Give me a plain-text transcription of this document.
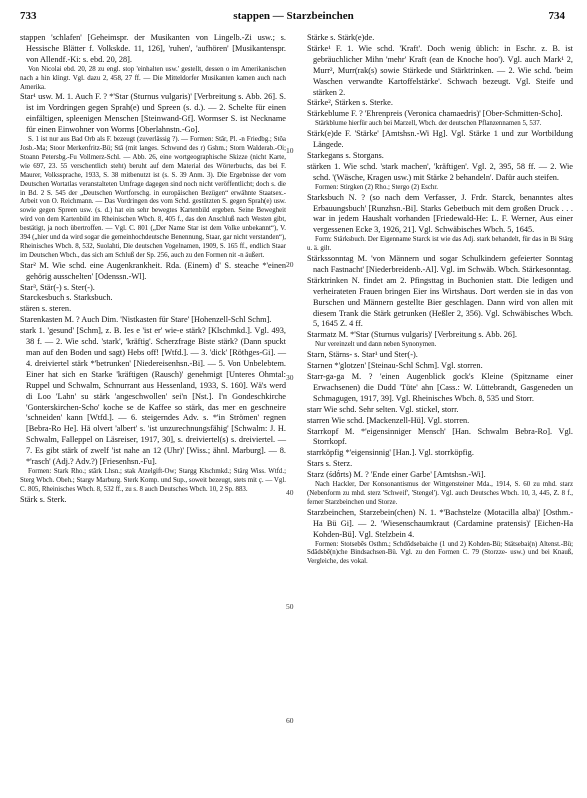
733	stappen — Starzbeinchen	734

stappen 'schlafen' [Geheimspr. der Musikanten von Lingelb.-Zi usw.; s. Hessische Blätter f. Volkskde. 11, 126], 'ruhen', 'aufhören' [Musikantenspr. von Allendf.-Ki: s. ebd. 20, 28].

Von Nicolai ebd. 20, 28 zu engl. stop 'einhalten usw.' gestellt, dessen o im Amerikanischen nach a hin klingt. Vgl. dazu 2, 458, 27 ff. — Die Mitteldorfer Musikanten kamen auch nach Amerika.

Star¹ usw. M. 1. Auch F. ? *'Star (Sturnus vulgaris)' [Verbreitung s. Abb. 26]. S. ist im Vordringen gegen Sprah(e) und Spreen (s. d.). — 2. Schelte für einen einfältigen, spleenigen Menschen [Steinwand-Gf]. Wormser S. ist Neckname für einen Einwohner von Worms [Oberlahnstn.-Go].

S. 1 ist nur aus Bad Orb als F. bezeugt (zuverlässig ?). — Formen: Stār, Pl. -n Friedbg.; Stŏa Josb.-Ma; Stoor Merkenfritz-Bü; Stā (mit langes. Schwund des r) Gshm.; Storn Walderab.-Oi; Stoann Petersbg.-Fu Vollmerz-Schl. — Abb. 26, eine wortgeographische Skizze (nicht Karte, wie 697, 23. 55 verschentlich steht) beruht auf dem Material des Wörterbuchs, das bei F. Maurer, Volkssprache, 1933, S. 38 mitbenutzt ist (s. S. 39 Anm. 3). Die Ergebnisse der vom Deutschen Wortatlas veranstalteten Umfrage dagegen sind noch nicht veröffentlicht; doch s. die in Bd. 2 S. 545 der „Deutschen Wortforschg. in europäischen Bezügen“ erwähnte Staatsex.-Arbeit von O. Reichmann. — Das Vordringen des vom Schd. gestützten S. gegen Sprah(e) usw. sowie gegen Spreen usw. (s. d.) hat ein sehr bewegtes Kartenbild ergeben. Seine Bewegheit wird von dem Kartenbild im Rheinischen Wbch. 8, 405 f., das den Anschluß nach Westen gibt, bestätigt, ja noch übertroffen. — Vgl. C. 801 („Der Name Star ist dem Volke unbekannt“), V. 394 („hier und da wird sogar die gemeinhochdeutsche Benennung, Staar, gar nicht verstanden“), Rheinisches Wbch. 8, 532, Suolahti, Die deutschen Vogelnamen, 1909, S. 165 ff., endlich Staar im Deutschen Wbch., das sich am Schluß der Sp. 256, auch zu den Formen nit -n äußert.

Star² M. Wie schd. eine Augenkrankheit. Rda. (Einem) d' S. steache *'einen gehörig ausschelten' [Odenssn.-Wl].

Star³, Stär(-) s. Ster(-).

Starckesbuch s. Starksbuch.

stären s. steren.

Starenkasten M. ? Auch Dim. 'Nistkasten für Stare' [Hohenzell-Schl Schm].

stark 1. 'gesund' [Schm], z. B. Ies e 'ist er' wie-e stärk? [Klschmkd.]. Vgl. 493, 38 f. — 2. Wie schd. 'stark', 'kräftig'. Scherzfrage Biste stärk? (Dann spuckt man auf den Boden und sagt) Hebs off! [Wtfd.]. — 3. 'dick' [Röthges-Gi]. — 4. dreiviertel stärk *'betrunken' [Niedereisenhsn.-Bi]. — 5. Von Unbelebtem. Einer hat sich en Starke 'kräftigen (Rausch)' genehmigt [Unteres Ohmtal: Ruppel und Schwalm, Schnurrant aus Hessenland, 1933, S. 160]. Wä's werd di Loo 'Lahn' su stärk 'angeschwollen' sei'n [Nst.]. I'n Gondeschkirche 'Gonterskirchen-Scho' koche se de Kaffee so stärk, das mer en geschneire 'schneiden' kann [Wtfd.]. — 6. steigerndes Adv. s. *'in Strömen' regnen [Bebra-Ro He]. Hä olvert 'albert' s. 'ist unzurechnungsfähig' [Schwalm: J. H. Schwalm, Falleppel on Läsreiser, 1917, 30], s. dreiviertel(s) s. dreiviertel. — 7. Es gibt stärk of zwelf 'ist nahe an 12 (Uhr)' [Wiss.; ähnl. Marburg]. — 8. *'rasch' (Adj.? Adv.?) [Friesenhsn.-Fu].

Formen: Stark Rho.; stārk Lhsn.; stak Atzelgift-Ow; Stargg Klschmkd.; Stärg Wiss. Wtfd.; Sterg Wbch. Obeh.; Stargv Marburg. Sterk Komp. und Sup., soweit bezeugt, stets mit ç. — Vgl. C. 805, Rheinisches Wbch. 8, 532 ff., zu s. 8 auch Deutsches Wbch. 10, 2 Sp. 883.

Stärk s. Sterk.

Stärke s. Stärk(e)de.

Stärke¹ F. 1. Wie schd. 'Kraft'. Doch wenig üblich: in Eschr. z. B. ist gebräuchlicher Mihn 'mehr' Kraft (ean de Knoche hoo'). Vgl. auch Mark¹ 2, Murr², Murr(rak(s) sowie Stärkede und Stärktrinken. — 2. Wie schd. 'beim Waschen verwandte Kartoffelstärke'. Schwach bezeugt. Vgl. Steife und stärken 2.

Stärke², Stärken s. Sterke.

Stärkeblume F. ? 'Ehrenpreis (Veronica chamaedris)' [Ober-Schmitten-Scho].

Stärkblume hierfür auch bei Marzell, Wbch. der deutschen Pflanzennamen 5, 537.

Stärk(e)de F. 'Stärke' [Amtshsn.-Wi Hg]. Vgl. Stärke 1 und zur Wortbildung Längede.

Starkegans s. Storgans.

stärken 1. Wie schd. 'stark machen', 'kräftigen'. Vgl. 2, 395, 58 ff. — 2. Wie schd. '(Wäsche, Kragen usw.) mit Stärke 2 behandeln'. Dafür auch steifen.

Formen: Stirgken (2) Rho.; Stergo (2) Eschr.

Starksbuch N. ? (so nach dem Verfasser, J. Frdr. Starck, benanntes altes Erbauungsbuch' [Runzhsn.-Bi]. Starks Gebetbuch mit dem großen Druck . . . war in jedem Haushalt vorhanden [Friedewald-He: L. F. Werner, Aus einer vergessenen Ecke 3, 1926, 21]. Vgl. Schwäbisches Wbch. 5, 1645.

Form: Stärksbuch. Der Eigenname Starck ist wie das Adj. stark behandelt, für das in Bi Stärg u. ä. gilt.

Stärkssonntag M. 'von Männern und sogar Schulkindern gefeierter Sonntag nach Fastnacht' [Niederbreidenb.-Al]. Vgl. im Schwäb. Wbch. Stärkesonntag.

Stärktrinken N. findet am 2. Pfingsttag in Buchonien statt. Die ledigen und verheirateten Frauen bringen Eier ins Wirtshaus. Dort werden sie in das von Burschen und Männern gestellte Bier geschlagen. Dann wird von allen mit diesem Trank die Stärk getrunken (Heßler 2, 356). Vgl. Schwäbisches Wbch. 5, 1645 Z. 4 ff.

Starmatz M. *'Star (Sturnus vulgaris)' [Verbreitung s. Abb. 26].

Nur vereinzelt und dann neben Synonymen.

Starn, Stärns- s. Star¹ und Ster(-).

Starnen *'glotzen' [Steinau-Schl Schm]. Vgl. storren.

Starr-ga-ga M. ? 'einen Augenblick gock's Kleine (Spitzname einer Erwachsenen) die Dudd 'Tüte' ahn [Cass.: W. Lüttebrandt, Gasgeneden un Schmagugen, 1917, 39]. Vgl. Rheinisches Wbch. 8, 535 und Storr.

starr Wie schd. Sehr selten. Vgl. stickel, storr.

starren Wie schd. [Mackenzell-Hü]. Vgl. storren.

Starrkopf M. *'eigensinniger Mensch' [Han. Schwalm Bebra-Ro]. Vgl. Storrkopf.

starrköpfig *'eigensinnig' [Han.]. Vgl. storrköpfig.

Stars s. Sterz.

Starz (śdṓrts) M. ? 'Ende einer Garbe' [Amtshsn.-Wi].

Nach Hackler, Der Konsonantismus der Wittgensteiner Mda., 1914, S. 60 zu mhd. starz (Nebenform zu mhd. sterz 'Schweif', 'Stengel'). Vgl. auch Deutsches Wbch. 10, 3, 445, Z. 8 f., ferner Starzbeinchen und Storze.

Starzbeinchen, Starzebein(chen) N. 1. *'Bachstelze (Motacilla alba)' [Osthm.-Ha Bü Gi]. — 2. 'Wiesenschaumkraut (Cardamine pratensis)' [Eichen-Ha Kohden-Bü]. Vgl. Stelzbein 4.

Formen: Stotsebēs Osthm.; Schdōdsebaiche (1 und 2) Kohden-Bü; Stätsebai(n) Altenst.-Bü; Sdādsbē(n)che Bindsachsen-Bü. Vgl. zu den Formen C. 79 (Storzze- usw.) und bei Knauß, Vergleiche, des vokal.

10
20
30
40
50
60
